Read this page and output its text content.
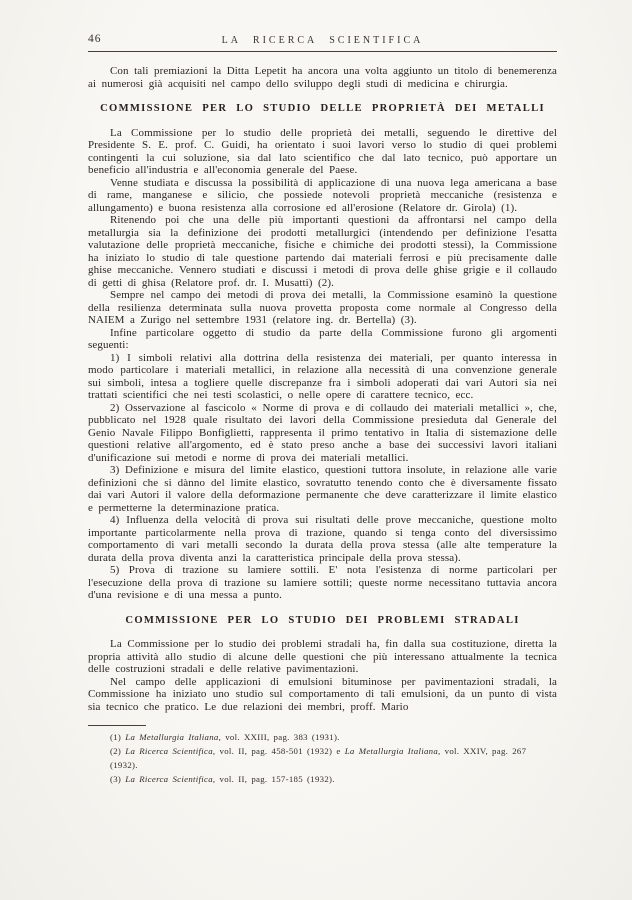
46	LA RICERCA SCIENTIFICA

Con tali premiazioni la Ditta Lepetit ha ancora una volta aggiunto un titolo di benemerenza ai numerosi già acquisiti nel campo dello sviluppo degli studi di medicina e chirurgia.

COMMISSIONE PER LO STUDIO DELLE PROPRIETÀ DEI METALLI

La Commissione per lo studio delle proprietà dei metalli, seguendo le direttive del Presidente S. E. prof. C. Guidi, ha orientato i suoi lavori verso lo studio di quei problemi contingenti la cui soluzione, sia dal lato scientifico che dal lato tecnico, può apportare un beneficio all'industria e all'economia generale del Paese.

Venne studiata e discussa la possibilità di applicazione di una nuova lega americana a base di rame, manganese e silicio, che possiede notevoli proprietà meccaniche (resistenza e allungamento) e buona resistenza alla corrosione ed all'erosione (Relatore dr. Girola) (1).

Ritenendo poi che una delle più importanti questioni da affrontarsi nel campo della metallurgia sia la definizione dei prodotti metallurgici (intendendo per definizione l'esatta valutazione delle proprietà meccaniche, fisiche e chimiche dei prodotti stessi), la Commissione ha iniziato lo studio di tale questione partendo dai materiali ferrosi e più precisamente dalle ghise meccaniche. Vennero studiati e discussi i metodi di prova delle ghise grigie e il collaudo di getti di ghisa (Relatore prof. dr. I. Musatti) (2).

Sempre nel campo dei metodi di prova dei metalli, la Commissione esaminò la questione della resilienza determinata sulla nuova provetta proposta come normale al Congresso della NAIEM a Zurigo nel settembre 1931 (relatore ing. dr. Bertella) (3).

Infine particolare oggetto di studio da parte della Commissione furono gli argomenti seguenti:

1) I simboli relativi alla dottrina della resistenza dei materiali, per quanto interessa in modo particolare i materiali metallici, in relazione alla necessità di una convenzione generale sui simboli, intesa a togliere quelle discrepanze fra i simboli adoperati dai vari Autori sia nei trattati scientifici che nei testi scolastici, o nelle opere di carattere tecnico, ecc.

2) Osservazione al fascicolo « Norme di prova e di collaudo dei materiali metallici », che, pubblicato nel 1928 quale risultato dei lavori della Commissione presieduta dal Generale del Genio Navale Filippo Bonfiglietti, rappresenta il primo tentativo in Italia di sistemazione delle questioni relative all'argomento, ed è stato preso anche a base dei successivi lavori italiani d'unificazione sui metodi e norme di prova dei materiali metallici.

3) Definizione e misura del limite elastico, questioni tuttora insolute, in relazione alle varie definizioni che si dànno del limite elastico, sovratutto tenendo conto che è diversamente fissato dai vari Autori il valore della deformazione permanente che deve caratterizzare il limite elastico e permetterne la determinazione pratica.

4) Influenza della velocità di prova sui risultati delle prove meccaniche, questione molto importante particolarmente nella prova di trazione, quando si tenga conto del diversissimo comportamento di vari metalli secondo la durata della prova stessa (alle alte temperature la durata della prova diventa anzi la caratteristica principale della prova stessa).

5) Prova di trazione su lamiere sottili. E' nota l'esistenza di norme particolari per l'esecuzione della prova di trazione su lamiere sottili; queste norme necessitano tuttavia ancora d'una revisione e di una messa a punto.

COMMISSIONE PER LO STUDIO DEI PROBLEMI STRADALI

La Commissione per lo studio dei problemi stradali ha, fin dalla sua costituzione, diretta la propria attività allo studio di alcune delle questioni che più interessano attualmente la tecnica delle costruzioni stradali e delle relative pavimentazioni.

Nel campo delle applicazioni di emulsioni bituminose per pavimentazioni stradali, la Commissione ha iniziato uno studio sul comportamento di tali emulsioni, da un punto di vista sia tecnico che pratico. Le due relazioni dei membri, proff. Mario

(1) La Metallurgia Italiana, vol. XXIII, pag. 383 (1931).
(2) La Ricerca Scientifica, vol. II, pag. 458-501 (1932) e La Metallurgia Italiana, vol. XXIV, pag. 267 (1932).
(3) La Ricerca Scientifica, vol. II, pag. 157-185 (1932).
